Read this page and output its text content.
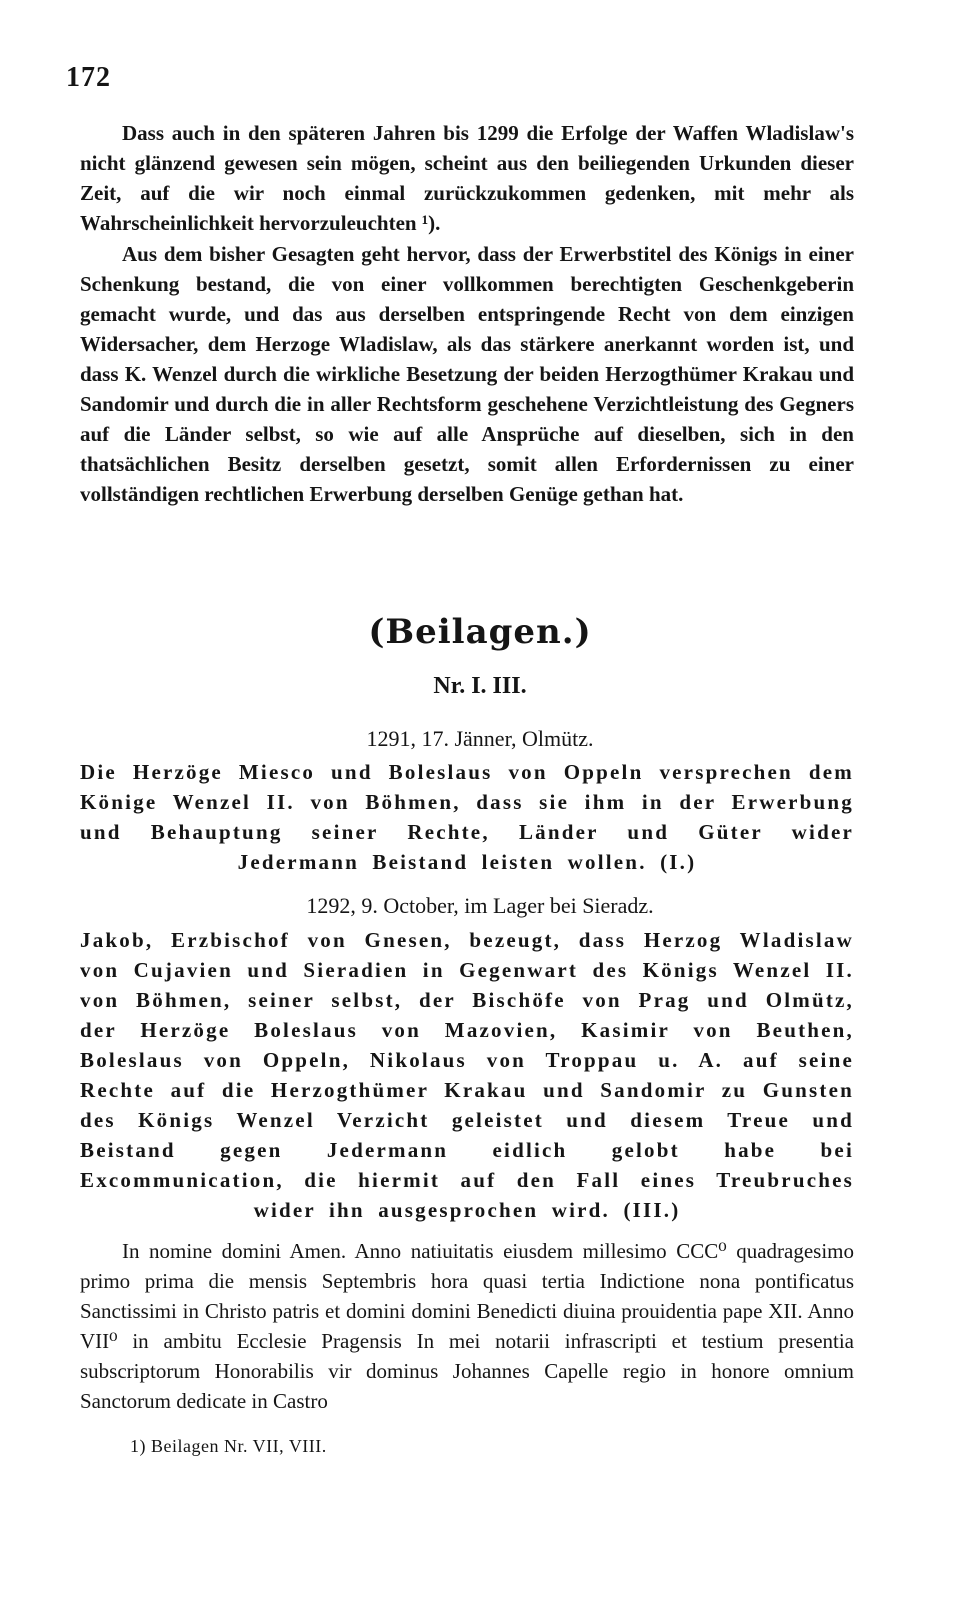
172

Dass auch in den späteren Jahren bis 1299 die Erfolge der Waffen Wladislaw's nicht glänzend gewesen sein mögen, scheint aus den beiliegenden Urkunden dieser Zeit, auf die wir noch einmal zurückzukommen gedenken, mit mehr als Wahrscheinlichkeit hervorzuleuchten ¹).

Aus dem bisher Gesagten geht hervor, dass der Erwerbstitel des Königs in einer Schenkung bestand, die von einer vollkommen berechtigten Geschenkgeberin gemacht wurde, und das aus derselben entspringende Recht von dem einzigen Widersacher, dem Herzoge Wladislaw, als das stärkere anerkannt worden ist, und dass K. Wenzel durch die wirkliche Besetzung der beiden Herzogthümer Krakau und Sandomir und durch die in aller Rechtsform geschehene Verzichtleistung des Gegners auf die Länder selbst, so wie auf alle Ansprüche auf dieselben, sich in den thatsächlichen Besitz derselben gesetzt, somit allen Erfordernissen zu einer vollständigen rechtlichen Erwerbung derselben Genüge gethan hat.

(Beilagen.)
Nr. I. III.
1291, 17. Jänner, Olmütz.
Die Herzöge Miesco und Boleslaus von Oppeln versprechen dem Könige Wenzel II. von Böhmen, dass sie ihm in der Erwerbung und Behauptung seiner Rechte, Länder und Güter wider Jedermann Beistand leisten wollen. (I.)
1292, 9. October, im Lager bei Sieradz.
Jakob, Erzbischof von Gnesen, bezeugt, dass Herzog Wladislaw von Cujavien und Sieradien in Gegenwart des Königs Wenzel II. von Böhmen, seiner selbst, der Bischöfe von Prag und Olmütz, der Herzöge Boleslaus von Mazovien, Kasimir von Beuthen, Boleslaus von Oppeln, Nikolaus von Troppau u. A. auf seine Rechte auf die Herzogthümer Krakau und Sandomir zu Gunsten des Königs Wenzel Verzicht geleistet und diesem Treue und Beistand gegen Jedermann eidlich gelobt habe bei Excommunication, die hiermit auf den Fall eines Treubruches wider ihn ausgesprochen wird. (III.)

In nomine domini Amen. Anno natiuitatis eiusdem millesimo CCC⁰ quadragesimo primo prima die mensis Septembris hora quasi tertia Indictione nona pontificatus Sanctissimi in Christo patris et domini domini Benedicti diuina prouidentia pape XII. Anno VII⁰ in ambitu Ecclesie Pragensis In mei notarii infrascripti et testium presentia subscriptorum Honorabilis vir dominus Johannes Capelle regio in honore omnium Sanctorum dedicate in Castro

1) Beilagen Nr. VII, VIII.
